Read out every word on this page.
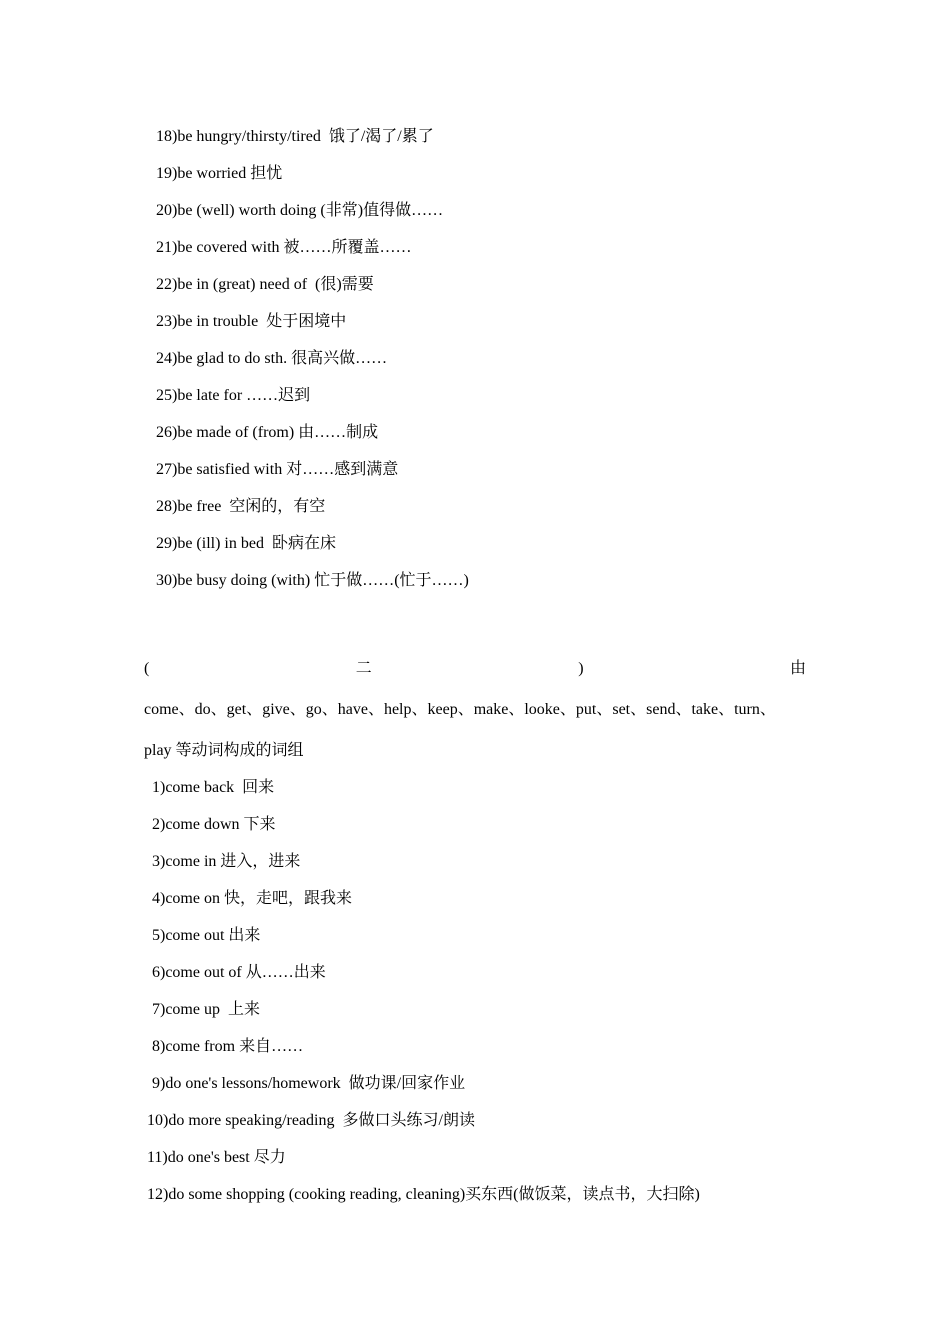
18)be hungry/thirsty/tired  饿了/渴了/累了
19)be worried 担忧
20)be (well) worth doing (非常)值得做……
21)be covered with 被……所覆盖……
22)be in (great) need of  (很)需要
23)be in trouble  处于困境中
24)be glad to do sth. 很高兴做……
25)be late for ……迟到
26)be made of (from) 由……制成
27)be satisfied with 对……感到满意
28)be free  空闲的，有空
29)be (ill) in bed  卧病在床
30)be busy doing (with) 忙于做……(忙于……)
(	二	)	由
come、do、get、give、go、have、help、keep、make、looke、put、set、send、take、turn、
play 等动词构成的词组
1)come back  回来
2)come down 下来
3)come in 进入，进来
4)come on 快，走吧，跟我来
5)come out 出来
6)come out of 从……出来
7)come up  上来
8)come from 来自……
9)do one's lessons/homework  做功课/回家作业
10)do more speaking/reading  多做口头练习/朗读
11)do one's best 尽力
12)do some shopping (cooking reading, cleaning)买东西(做饭菜，读点书，大扫除)
